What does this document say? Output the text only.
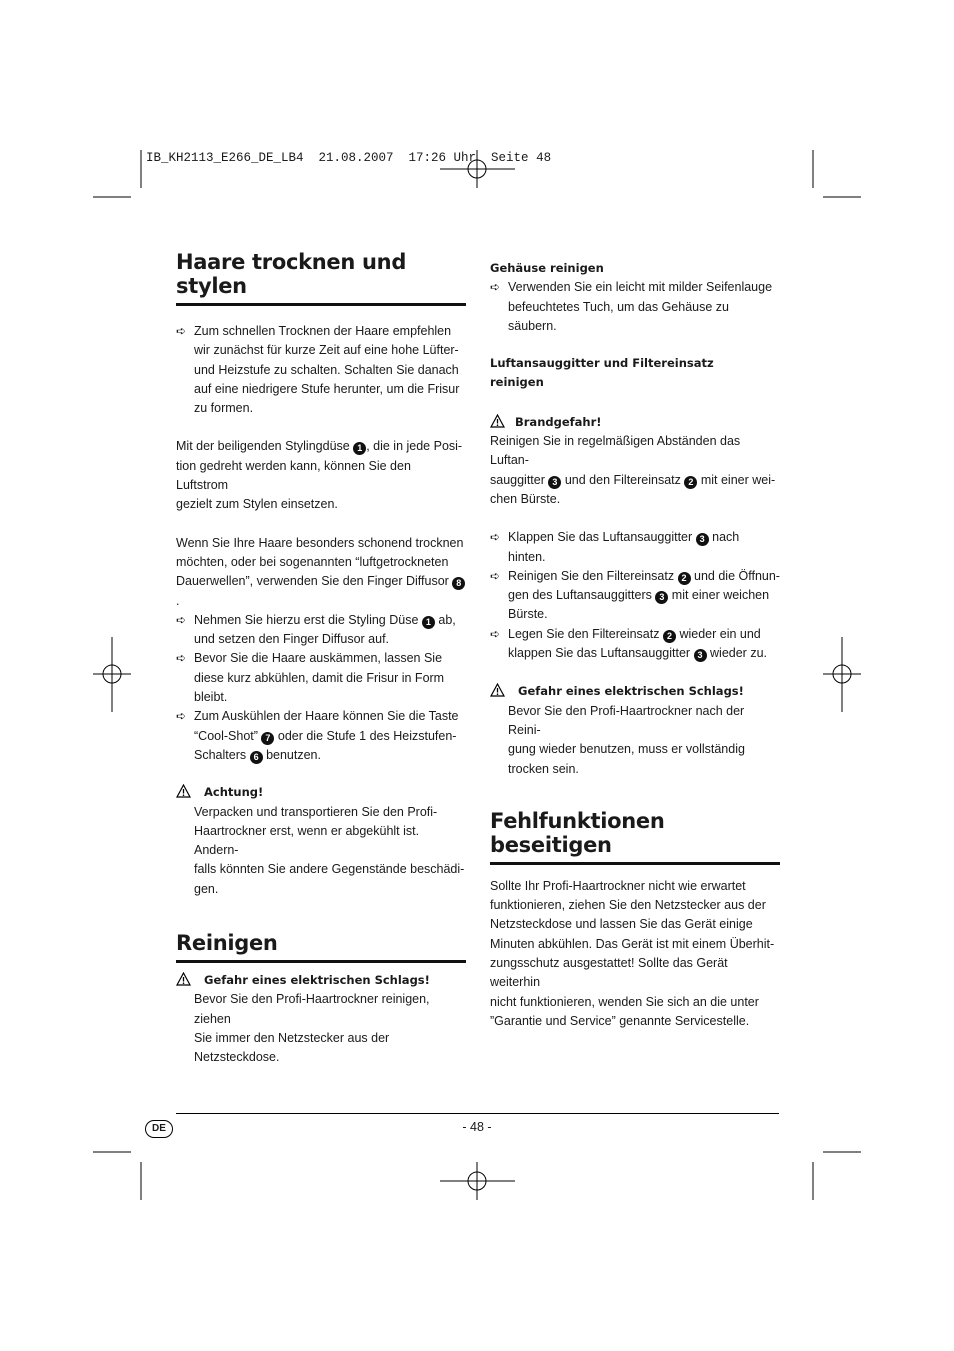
IB_KH2113_E266_DE_LB4  21.08.2007  17:26 Uhr  Seite 48
Haare trocknen und stylen
➪ Zum schnellen Trocknen der Haare empfehlen
wir zunächst für kurze Zeit auf eine hohe Lüfter-
und Heizstufe zu schalten. Schalten Sie danach
auf eine niedrigere Stufe herunter, um die Frisur
zu formen.
Mit der beiligenden Stylingdüse 1 , die in jede Posi-
tion gedreht werden kann, können Sie den Luftstrom
gezielt zum Stylen einsetzen.
Wenn Sie Ihre Haare besonders schonend trocknen
möchten, oder bei sogenannten “luftgetrockneten
Dauerwellen”, verwenden Sie den Finger Diffusor 8.
➪ Nehmen Sie hierzu erst die Styling Düse 1 ab,
und setzen den Finger Diffusor auf.
➪ Bevor Sie die Haare auskämmen, lassen Sie
diese kurz abkühlen, damit die Frisur in Form
bleibt.
➪ Zum Auskühlen der Haare können Sie die Taste
“Cool-Shot” 7 oder die Stufe 1 des Heizstufen-
Schalters 6 benutzen.
Achtung!
Verpacken und transportieren Sie den Profi-
Haartrockner erst, wenn er abgekühlt ist. Andern-
falls könnten Sie andere Gegenstände beschädi-
gen.
Reinigen
Gefahr eines elektrischen Schlags!
Bevor Sie den Profi-Haartrockner reinigen, ziehen
Sie immer den Netzstecker aus der Netzsteckdose.
Gehäuse reinigen
➪ Verwenden Sie ein leicht mit milder Seifenlauge
befeuchtetes Tuch, um das Gehäuse zu säubern.
Luftansauggitter und Filtereinsatz
reinigen
Brandgefahr!
Reinigen Sie in regelmäßigen Abständen das Luftan-
sauggitter 3 und den Filtereinsatz 2 mit einer wei-
chen Bürste.
➪ Klappen Sie das Luftansauggitter 3 nach hinten.
➪ Reinigen Sie den Filtereinsatz 2 und die Öffnun-
gen des Luftansauggitters 3 mit einer weichen
Bürste.
➪ Legen Sie den Filtereinsatz 2 wieder ein und
klappen Sie das Luftansauggitter 3 wieder zu.
Gefahr eines elektrischen Schlags!
Bevor Sie den Profi-Haartrockner nach der Reini-
gung wieder benutzen, muss er vollständig
trocken sein.
Fehlfunktionen beseitigen
Sollte Ihr Profi-Haartrockner nicht wie erwartet
funktionieren, ziehen Sie den Netzstecker aus der
Netzsteckdose und lassen Sie das Gerät einige
Minuten abkühlen. Das Gerät ist mit einem Überhit-
zungsschutz ausgestattet! Sollte das Gerät weiterhin
nicht funktionieren, wenden Sie sich an die unter
”Garantie und Service” genannte Servicestelle.
DE	- 48 -
